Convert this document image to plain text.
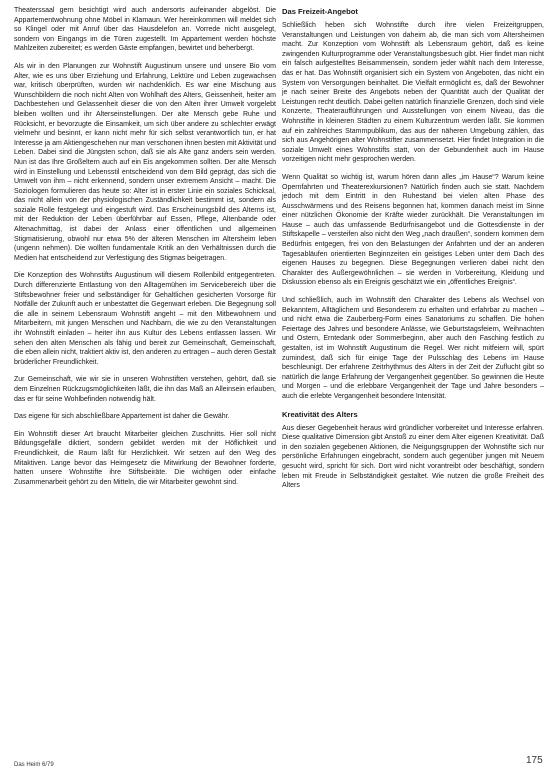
Theaterssaal gern besichtigt wird auch andersorts aufeinander abgelöst. Die Appartementwohnung ohne Möbel in Klamaun. Wer hereinkommen will meldet sich so Klingel oder mit Anruf über das Hausdelefon an. Vorrede nicht ausgelegt, sondern von Eingangs im die Türen zugestellt. Im Appartement werden höchste Mahlzeiten zubereitet; es werden Gäste empfangen, bewirtet und beherbergt.

Als wir in den Planungen zur Wohnstift Augustinum unsere und unsere Bio vom Alter, wie es uns über Erziehung und Erfahrung, Lektüre und Leben zugewachsen war, kritisch überprüften, wurden wir nachdenklich. Es war eine Mischung aus Wunschbildern die noch nicht Alten von Wohlhaft des Alters, Geissenheit, heiter am Dachbestehen und Gelassenheit dieser die von den Alten ihrer Umwelt vorgelebt bleiben wollten und ihr Alterseinstellungen. Der alte Mensch gebe Ruhe und Rücksicht, er bevorzugte die Einsamkeit, um sich über andere zu schlechter erwägt vielmehr und besinnt, er kann nicht mehr für sich selbst verantwortlich tun, er hat Interesse ja am Aktiengeschehen nur man verschonen ihnen besten mit Aktivität und Leben. Dabei sind die Jüngsten schon, daß sie als Alte ganz anders sein werden. Nun ist das Ihre Großeltern auch auf ein Eis angekommen sollten. Der alte Mensch wird in Einstellung und Lebensstil entscheidend von dem Bild geprägt, das sich die Umwelt von ihm – nicht erkennend, sondern unser extremem Ansicht – macht. Die Soziologen formulieren das heute so: Alter ist in erster Linie ein soziales Schicksal, das nicht allein von der physiologischen Zuständlichkeit bestimmt ist, sondern als soziale Rolle festgelegt und eingestuft wird. Das Erscheinungsbild des Alterns ist, mit der Reduktion der Leben überführbar auf Essen, Pflege, Altenbande oder Altenachmittag, ist dabei der Anlass einer öffentlichen und allgemeinen Stigmatisierung, obwohl nur etwa 5% der älteren Menschen im Altersheim leben (ungenn nehmen). Die wollten fundamentale Kritik an den Verhältnissen durch die Medien hat entscheidend zur Verfestigung des Stigmas beigetragen.

Die Konzeption des Wohnstifts Augustinum will diesem Rollenbild entgegentreten. Durch differenzierte Entlastung von den Alltagemühen im Servicebereich über die Stiftsbewohner freier und selbständiger für Gehaltlichen gesicherten Vorsorge für Notfälle der Zukunft auch er unbestattet die Gegenwart erleben. Die Begegnung soll die alle in seinem Lebensraum Wohnstift angeht – mit den Mitbewohnern und Mitarbeitern, mit jungen Menschen und Nachbarn, die wie zu den Veranstaltungen ihr Wohnstift einladen – heiter ihn aus Kultur des Lebens entlassen lassen. Wir sehen den alten Menschen als fähig und bereit zur Gemeinschaft, Gemeinschaft, die eben allein nicht, traktiert aktiv ist, den anderen zu ertragen – auch deren Gestalt brüderlicher Freundlichkeit.

Zur Gemeinschaft, wie wir sie in unseren Wohnstiften verstehen, gehört, daß sie dem Einzelnen Rückzugsmöglichkeiten läßt, die ihn das Maß an Alleinsein erlauben, das er für seine Wohlbefinden notwendig hält.

Das eigene für sich abschließbare Appartement ist daher die Gewähr.

Ein Wohnstift dieser Art braucht Mitarbeiter gleichen Zuschnitts. Hier soll nicht Bildungsgefälle diktiert, sondern gebildet werden mit der Höflichkeit und Freundlichkeit, die Raum läßt für Herzlichkeit. Wir setzen auf den Weg des Mitaktiven. Lange bevor das Heimgesetz die Mitwirkung der Bewohner forderte, hatten unsere Wohnstifte ihre Stiftsbeiräte. Die wichtigen oder einfache Zusammenarbeit gehört zu den Mitteln, die wir Mitarbeiter gewohnt sind.

Das Freizeit-Angebot

Schließlich heben sich Wohnstifte durch ihre vielen Freizeitgruppen, Veranstaltungen und Leistungen von daheim ab, die man sich vom Altersheimen macht. Zur Konzeption vom Wohnstift als Lebensraum gehört, daß es keine zwingenden Kulturprogramme oder Veranstaltungsbesuch gibt. Hier findet man nicht ein falsch aufgestelltes Beisammensein, sondern jeder wählt nach dem Interesse, das er hat. Das Wohnstift organisiert sich ein System von Angeboten, das nicht ein System von Versorgungen beinhaltet. Die Vielfalt ermöglicht es, daß der Bewohner je nach seiner Breite des Angebots neben der Quantität auch der Qualität der Leistungen recht deutlich. Dabei gelten natürlich finanzielle Grenzen, doch sind viele Konzerte, Theateraufführungen und Ausstellungen von einem Niveau, das die Wohnstifte in kleineren Städten zu einem Kulturzentrum werden läßt. Sie kommen auf ein zahlreiches Stammpublikum, das aus der näheren Umgebung zählen, das sich aus Angehörigen alter Wohnstifter zusammensetzt. Hier findet Integration in die soziale Umwelt eines Wohnstifts statt, von der Gebundenheit auch im Hause vorzeitigen nicht mehr gesprochen werden.

Wenn Qualität so wichtig ist, warum hören dann alles „im Hause“? Warum keine Opernfahrten und Theaterexkursionen? Natürlich finden auch sie statt. Nachdem jedoch mit dem Eintritt in den Ruhestand bei vielen alten Phase des Ausschwärmens und des Reisens begonnen hat, kommen danach meist im Sinne einer nützlichen Ökonomie der Kräfte wieder zurückhält. Die Veranstaltungen im Hause – auch das umfassende Bedürfnisangebot und die Gottesdienste in der Stiftskapelle – versteifen also nicht den Weg „nach draußen“, sondern kommen dem Bedürfnis entgegen, frei von den Belastungen der Anfahrten und der an anderen Tagesabläufen orientierten Beginnzeiten ein geistiges Leben unter dem Dach des eigenen Hauses zu begegnen. Diese Begegnungen verlieren dabei nicht den Charakter des Außergewöhnlichen – sie werden in Vorbereitung, Kleidung und Diskussion ebenso als ein Ereignis geschätzt wie ein „öffentliches Ereignis“.

Und schließlich, auch im Wohnstift den Charakter des Lebens als Wechsel von Bekanntem, Alltäglichem und Besonderem zu erhalten und erfahrbar zu machen – und nicht etwa die Zauberberg-Form eines Sanatoriums zu schaffen. Die hohen Feiertage des Jahres und besondere Anlässe, wie Geburtstagsfeiern, Weihnachten und Ostern, Erntedank oder Sommerbeginn, aber auch den Fasching festlich zu gestalten, ist im Wohnstift Augustinum die Regel. Wer nicht mitfeiern will, spürt zumindest, daß sich für einige Tage der Pulsschlag des Lebens im Hause beschleunigt. Der erfahrene Zeitrhythmus des Alters in der Zeit der Zuflucht gibt so natürlich die lange Erfahrung der Vergangenheit gegenüber. So gewinnen die Heute und Morgen – und die erlebbare Vergangenheit der Tage und Jahre besonders – auch die erlebte Vergangenheit besondere Intensität.

Kreativität des Alters

Aus dieser Gegebenheit heraus wird gründlicher vorbereitet und Interesse erfahren. Diese qualitative Dimension gibt Anstoß zu einer dem Alter eigenen Kreativität. Daß in den sozialen gegebenen Aktionen, die Neigungsgruppen der Wohnstifte sich nur persönliche Erfahrungen eingebracht, sondern auch gegenüber jungen mit Neuem gesucht wird, spricht für sich. Dort wird nicht vorantreibt oder beschäftigt, sondern leben mit Freude in Selbständigkeit gestaltet. Wie nutzen die große Freiheit des Alters

Das Heim 6/79	175
